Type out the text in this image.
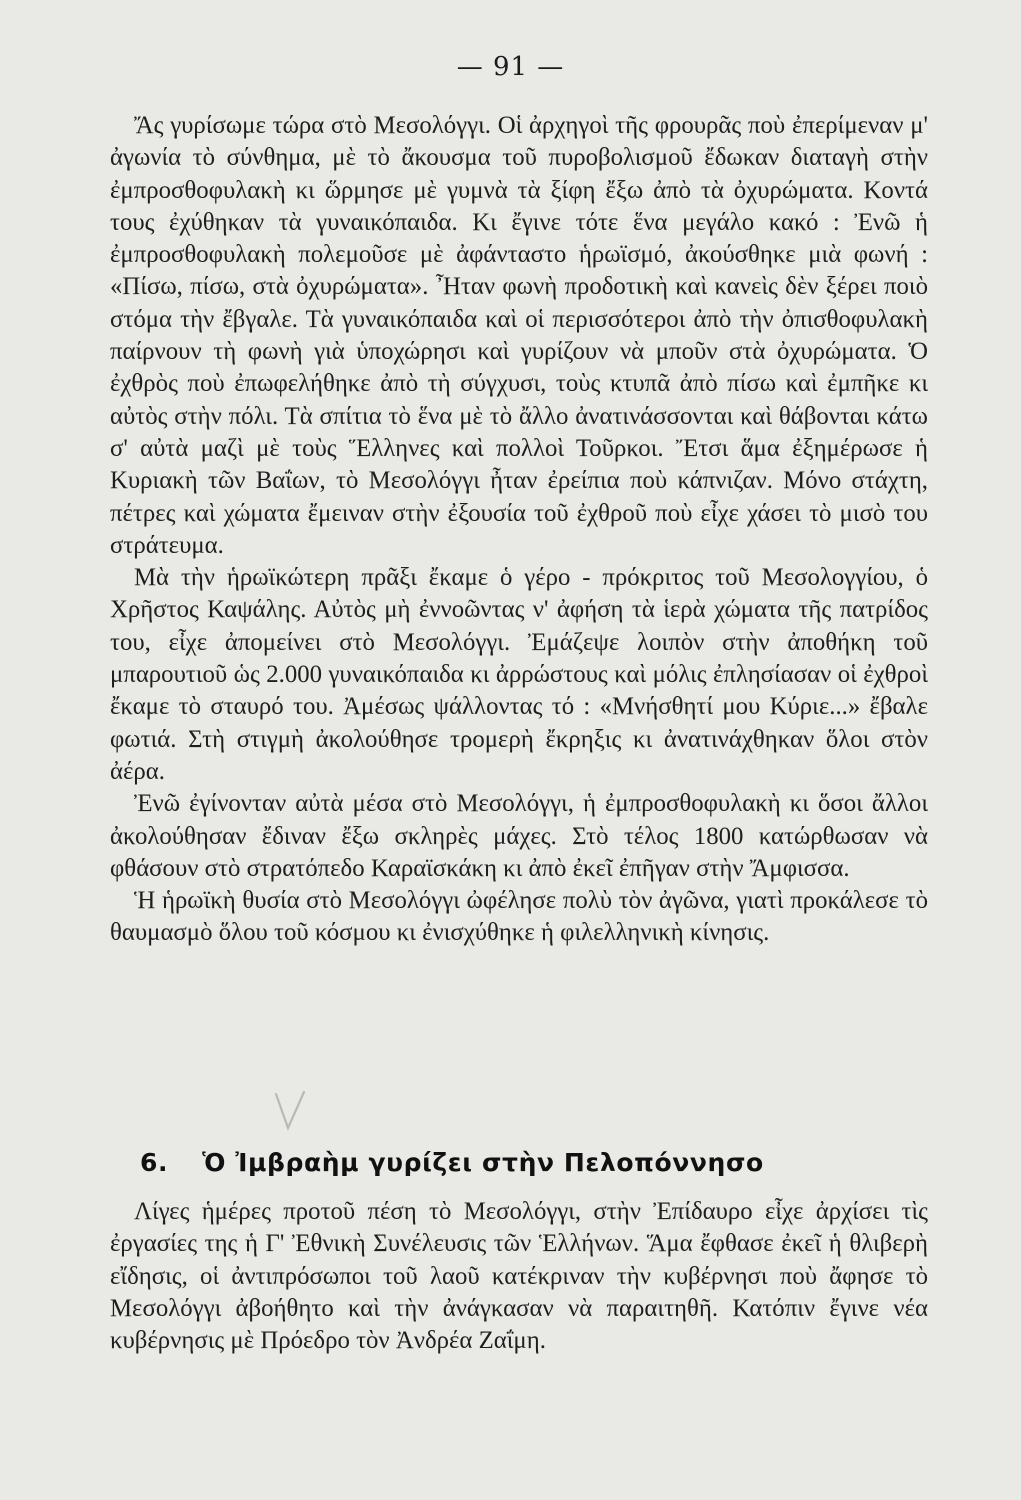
— 91 —

Ἄς γυρίσωμε τώρα στὸ Μεσολόγγι. Οἱ ἀρχηγοὶ τῆς φρουρᾶς ποὺ ἐπερίμεναν μ' ἀγωνία τὸ σύνθημα, μὲ τὸ ἄκουσμα τοῦ πυροβολισμοῦ ἔδωκαν διαταγὴ στὴν ἐμπροσθοφυλακὴ κι ὥρμησε μὲ γυμνὰ τὰ ξίφη ἔξω ἀπὸ τὰ ὀχυρώματα. Κοντά τους ἐχύθηκαν τὰ γυναικόπαιδα. Κι ἔγινε τότε ἕνα μεγάλο κακό : Ἐνῶ ἡ ἐμπροσθοφυλακὴ πολεμοῦσε μὲ ἀφάνταστο ἡρωϊσμό, ἀκούσθηκε μιὰ φωνή : «Πίσω, πίσω, στὰ ὀχυρώματα». Ἦταν φωνὴ προδοτικὴ καὶ κανεὶς δὲν ξέρει ποιὸ στόμα τὴν ἔβγαλε. Τὰ γυναικόπαιδα καὶ οἱ περισσότεροι ἀπὸ τὴν ὀπισθοφυλακὴ παίρνουν τὴ φωνὴ γιὰ ὑποχώρησι καὶ γυρίζουν νὰ μποῦν στὰ ὀχυρώματα. Ὁ ἐχθρὸς ποὺ ἐπωφελήθηκε ἀπὸ τὴ σύγχυσι, τοὺς κτυπᾶ ἀπὸ πίσω καὶ ἐμπῆκε κι αὐτὸς στὴν πόλι. Τὰ σπίτια τὸ ἕνα μὲ τὸ ἄλλο ἀνατινάσσονται καὶ θάβονται κάτω σ' αὐτὰ μαζὶ μὲ τοὺς Ἕλληνες καὶ πολλοὶ Τοῦρκοι. Ἔτσι ἅμα ἐξημέρωσε ἡ Κυριακὴ τῶν Βαΐων, τὸ Μεσολόγγι ἦταν ἐρείπια ποὺ κάπνιζαν. Μόνο στάχτη, πέτρες καὶ χώματα ἔμειναν στὴν ἐξουσία τοῦ ἐχθροῦ ποὺ εἶχε χάσει τὸ μισὸ του στράτευμα.

Μὰ τὴν ἡρωϊκώτερη πρᾶξι ἔκαμε ὁ γέρο - πρόκριτος τοῦ Μεσολογγίου, ὁ Χρῆστος Καψάλης. Αὐτὸς μὴ ἐννοῶντας ν' ἀφήση τὰ ἱερὰ χώματα τῆς πατρίδος του, εἶχε ἀπομείνει στὸ Μεσολόγγι. Ἐμάζεψε λοιπὸν στὴν ἀποθήκη τοῦ μπαρουτιοῦ ὡς 2.000 γυναικόπαιδα κι ἀρρώστους καὶ μόλις ἐπλησίασαν οἱ ἐχθροὶ ἔκαμε τὸ σταυρό του. Ἀμέσως ψάλλοντας τό : «Μνήσθητί μου Κύριε...» ἔβαλε φωτιά. Στὴ στιγμὴ ἀκολούθησε τρομερὴ ἔκρηξις κι ἀνατινάχθηκαν ὅλοι στὸν ἀέρα.

Ἐνῶ ἐγίνονταν αὐτὰ μέσα στὸ Μεσολόγγι, ἡ ἐμπροσθοφυλακὴ κι ὅσοι ἄλλοι ἀκολούθησαν ἔδιναν ἔξω σκληρὲς μάχες. Στὸ τέλος 1800 κατώρθωσαν νὰ φθάσουν στὸ στρατόπεδο Καραϊσκάκη κι ἀπὸ ἐκεῖ ἐπῆγαν στὴν Ἄμφισσα.

Ἡ ἡρωϊκὴ θυσία στὸ Μεσολόγγι ὠφέλησε πολὺ τὸν ἀγῶνα, γιατὶ προκάλεσε τὸ θαυμασμὸ ὅλου τοῦ κόσμου κι ἐνισχύθηκε ἡ φιλελληνικὴ κίνησις.

6. Ὁ Ἰμβραὴμ γυρίζει στὴν Πελοπόννησο

Λίγες ἡμέρες προτοῦ πέση τὸ Μεσολόγγι, στὴν Ἐπίδαυρο εἶχε ἀρχίσει τὶς ἐργασίες της ἡ Γ' Ἐθνικὴ Συνέλευσις τῶν Ἑλλήνων. Ἅμα ἔφθασε ἐκεῖ ἡ θλιβερὴ εἴδησις, οἱ ἀντιπρόσωποι τοῦ λαοῦ κατέκριναν τὴν κυβέρνησι ποὺ ἄφησε τὸ Μεσολόγγι ἀβοήθητο καὶ τὴν ἀνάγκασαν νὰ παραιτηθῆ. Κατόπιν ἔγινε νέα κυβέρνησις μὲ Πρόεδρο τὸν Ἀνδρέα Ζαΐμη.
